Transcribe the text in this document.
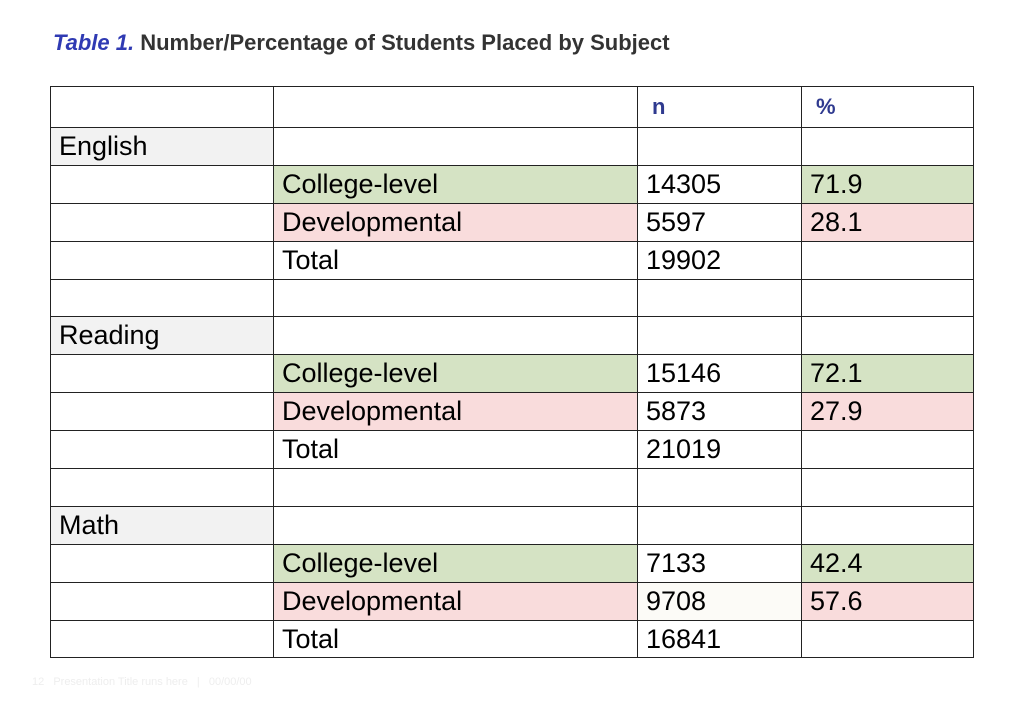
Table 1. Number/Percentage of Students Placed by Subject
		n	%
English			
	College-level	14305	71.9
	Developmental	5597	28.1
	Total	19902	

Reading			
	College-level	15146	72.1
	Developmental	5873	27.9
	Total	21019	

Math			
	College-level	7133	42.4
	Developmental	9708	57.6
	Total	16841	
12 Presentation Title runs here | 00/00/00
